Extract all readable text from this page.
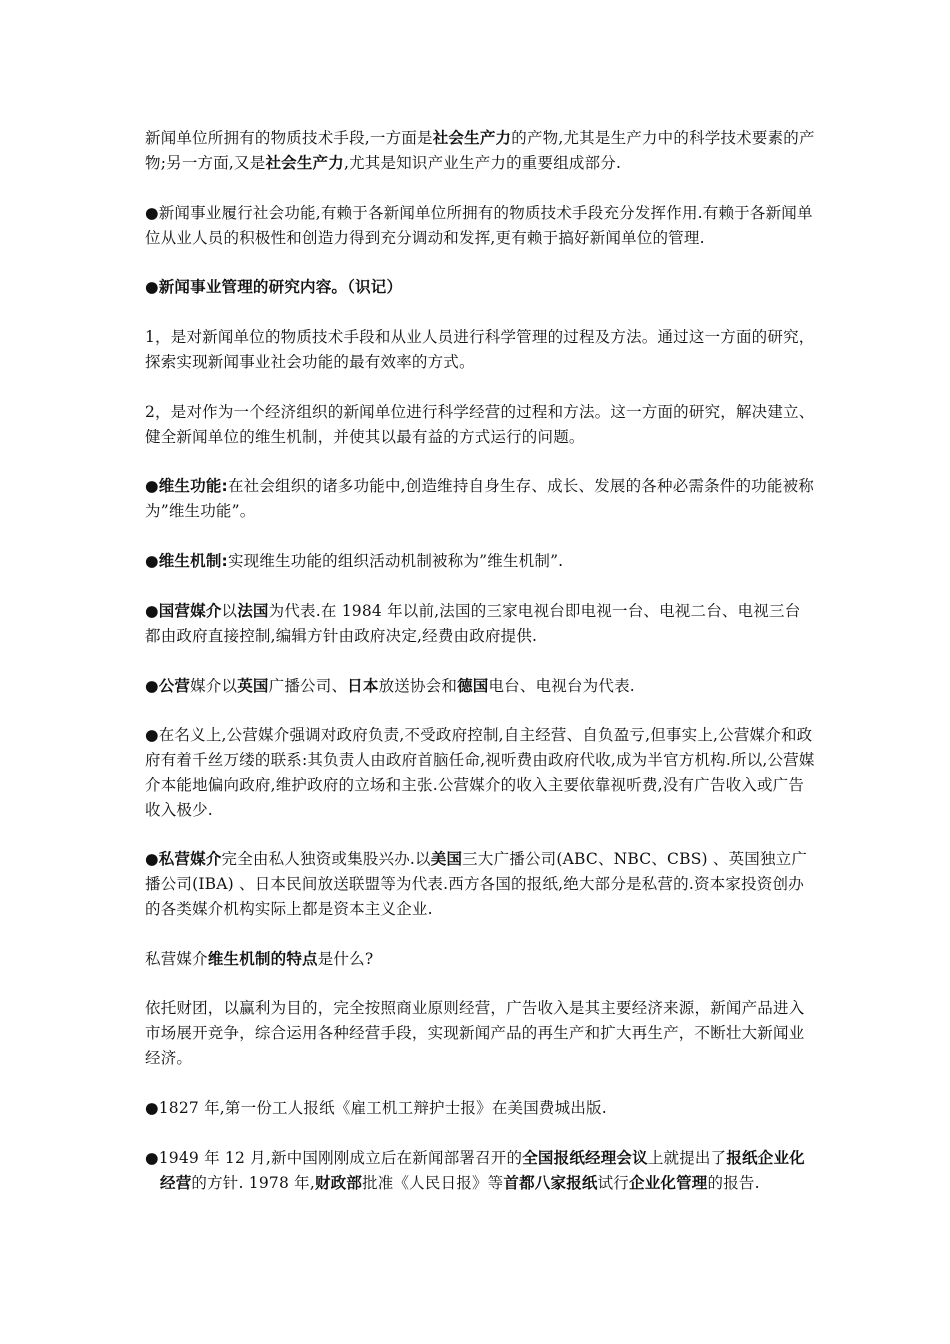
新闻单位所拥有的物质技术手段,一方面是社会生产力的产物,尤其是生产力中的科学技术要素的产物;另一方面,又是社会生产力,尤其是知识产业生产力的重要组成部分.

●新闻事业履行社会功能,有赖于各新闻单位所拥有的物质技术手段充分发挥作用.有赖于各新闻单位从业人员的积极性和创造力得到充分调动和发挥,更有赖于搞好新闻单位的管理.

●新闻事业管理的研究内容。（识记）

1，是对新闻单位的物质技术手段和从业人员进行科学管理的过程及方法。通过这一方面的研究，探索实现新闻事业社会功能的最有效率的方式。

2，是对作为一个经济组织的新闻单位进行科学经营的过程和方法。这一方面的研究，解决建立、健全新闻单位的维生机制，并使其以最有益的方式运行的问题。

●维生功能:在社会组织的诸多功能中,创造维持自身生存、成长、发展的各种必需条件的功能被称为”维生功能”。

●维生机制:实现维生功能的组织活动机制被称为”维生机制”.

●国营媒介以法国为代表.在 1984 年以前,法国的三家电视台即电视一台、电视二台、电视三台都由政府直接控制,编辑方针由政府决定,经费由政府提供.

●公营媒介以英国广播公司、日本放送协会和德国电台、电视台为代表.

●在名义上,公营媒介强调对政府负责,不受政府控制,自主经营、自负盈亏,但事实上,公营媒介和政府有着千丝万缕的联系:其负责人由政府首脑任命,视听费由政府代收,成为半官方机构.所以,公营媒介本能地偏向政府,维护政府的立场和主张.公营媒介的收入主要依靠视听费,没有广告收入或广告收入极少.

●私营媒介完全由私人独资或集股兴办.以美国三大广播公司(ABC、NBC、CBS) 、英国独立广播公司(IBA) 、日本民间放送联盟等为代表.西方各国的报纸,绝大部分是私营的.资本家投资创办的各类媒介机构实际上都是资本主义企业.

私营媒介维生机制的特点是什么?

依托财团，以赢利为目的，完全按照商业原则经营，广告收入是其主要经济来源，新闻产品进入市场展开竞争，综合运用各种经营手段，实现新闻产品的再生产和扩大再生产，不断壮大新闻业经济。

●1827 年,第一份工人报纸《雇工机工辩护士报》在美国费城出版.

●1949 年 12 月,新中国刚刚成立后在新闻部署召开的全国报纸经理会议上就提出了报纸企业化经营的方针. 1978 年,财政部批准《人民日报》等首都八家报纸试行企业化管理的报告.
